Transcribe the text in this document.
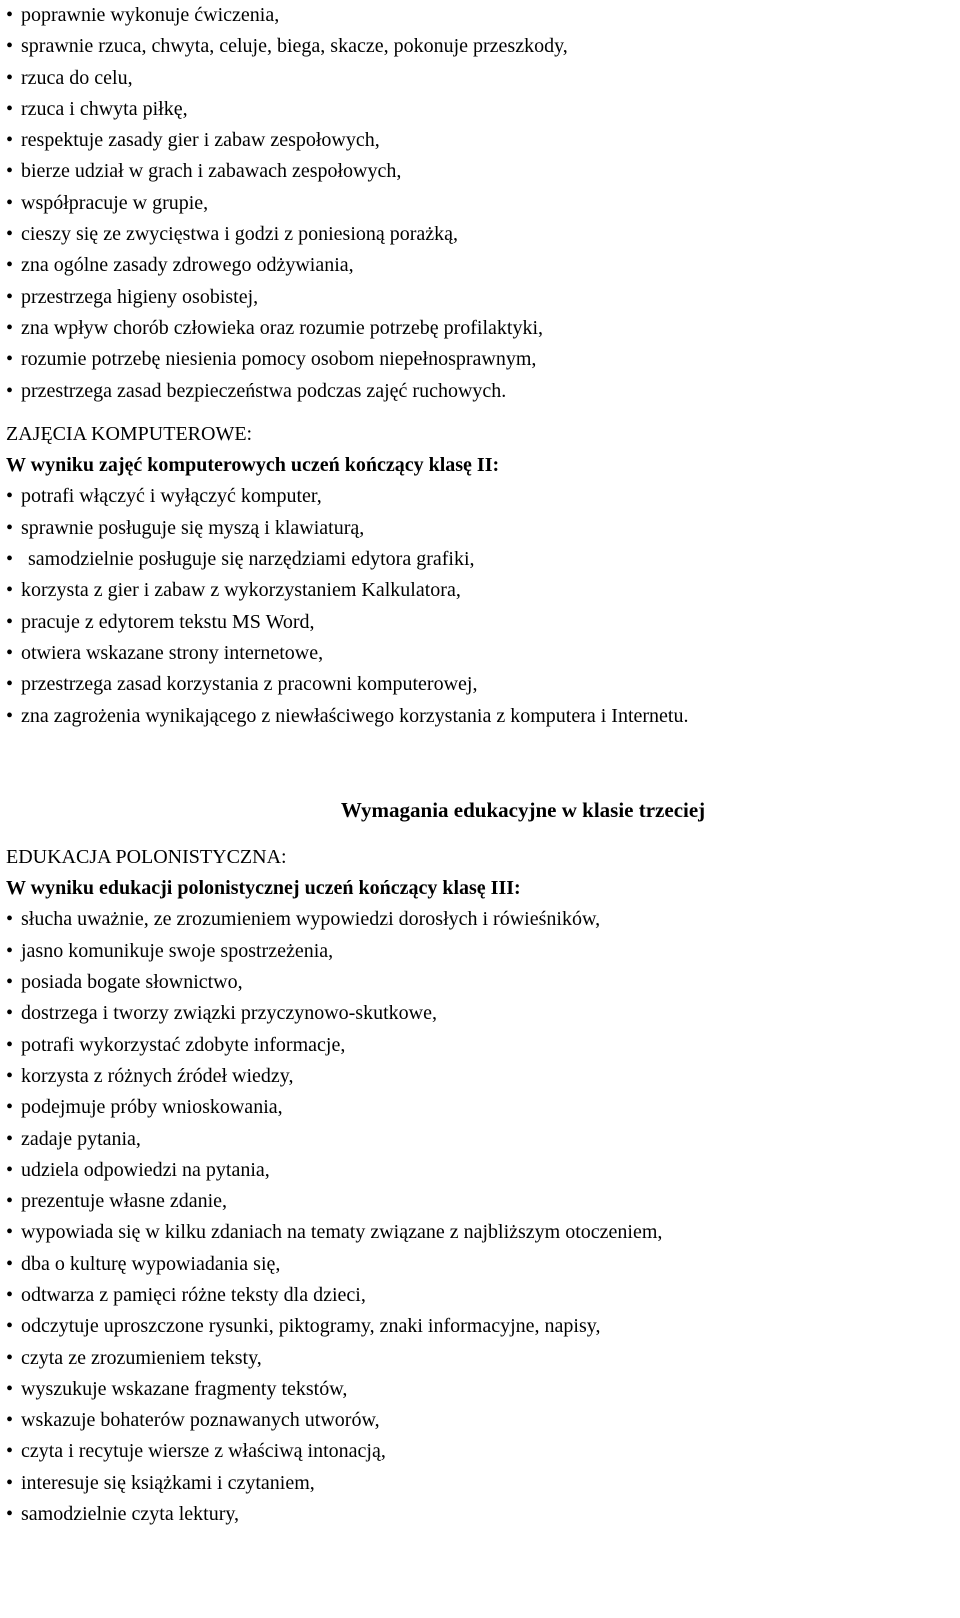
• poprawnie wykonuje ćwiczenia,
• sprawnie rzuca, chwyta, celuje, biega, skacze, pokonuje przeszkody,
• rzuca do celu,
• rzuca i chwyta piłkę,
• respektuje zasady gier i zabaw zespołowych,
• bierze udział w grach i zabawach zespołowych,
• współpracuje w grupie,
• cieszy się ze zwycięstwa i godzi z poniesioną porażką,
• zna ogólne zasady zdrowego odżywiania,
• przestrzega higieny osobistej,
• zna wpływ chorób człowieka oraz rozumie potrzebę profilaktyki,
• rozumie potrzebę niesienia pomocy osobom niepełnosprawnym,
• przestrzega zasad bezpieczeństwa podczas zajęć ruchowych.

ZAJĘCIA KOMPUTEROWE:

W wyniku zajęć komputerowych uczeń kończący klasę II:

• potrafi włączyć i wyłączyć komputer,
• sprawnie posługuje się myszą i klawiaturą,
• samodzielnie posługuje się narzędziami edytora grafiki,
• korzysta z gier i zabaw z wykorzystaniem Kalkulatora,
• pracuje z edytorem tekstu MS Word,
• otwiera wskazane strony internetowe,
• przestrzega zasad korzystania z pracowni komputerowej,
• zna zagrożenia wynikającego z niewłaściwego korzystania z komputera i Internetu.
Wymagania edukacyjne w klasie trzeciej

EDUKACJA POLONISTYCZNA:

W wyniku edukacji polonistycznej uczeń kończący klasę III:

• słucha uważnie, ze zrozumieniem wypowiedzi dorosłych i rówieśników,
• jasno komunikuje swoje spostrzeżenia,
• posiada bogate słownictwo,
• dostrzega i tworzy związki przyczynowo-skutkowe,
• potrafi wykorzystać zdobyte informacje,
• korzysta z różnych źródeł wiedzy,
• podejmuje próby wnioskowania,
• zadaje pytania,
• udziela odpowiedzi na pytania,
• prezentuje własne zdanie,
• wypowiada się w kilku zdaniach na tematy związane z najbliższym otoczeniem,
• dba o kulturę wypowiadania się,
• odtwarza z pamięci różne teksty dla dzieci,
• odczytuje uproszczone rysunki, piktogramy, znaki informacyjne, napisy,
• czyta ze zrozumieniem teksty,
• wyszukuje wskazane fragmenty tekstów,
• wskazuje bohaterów poznawanych utworów,
• czyta i recytuje wiersze z właściwą intonacją,
• interesuje się książkami i czytaniem,
• samodzielnie czyta lektury,
